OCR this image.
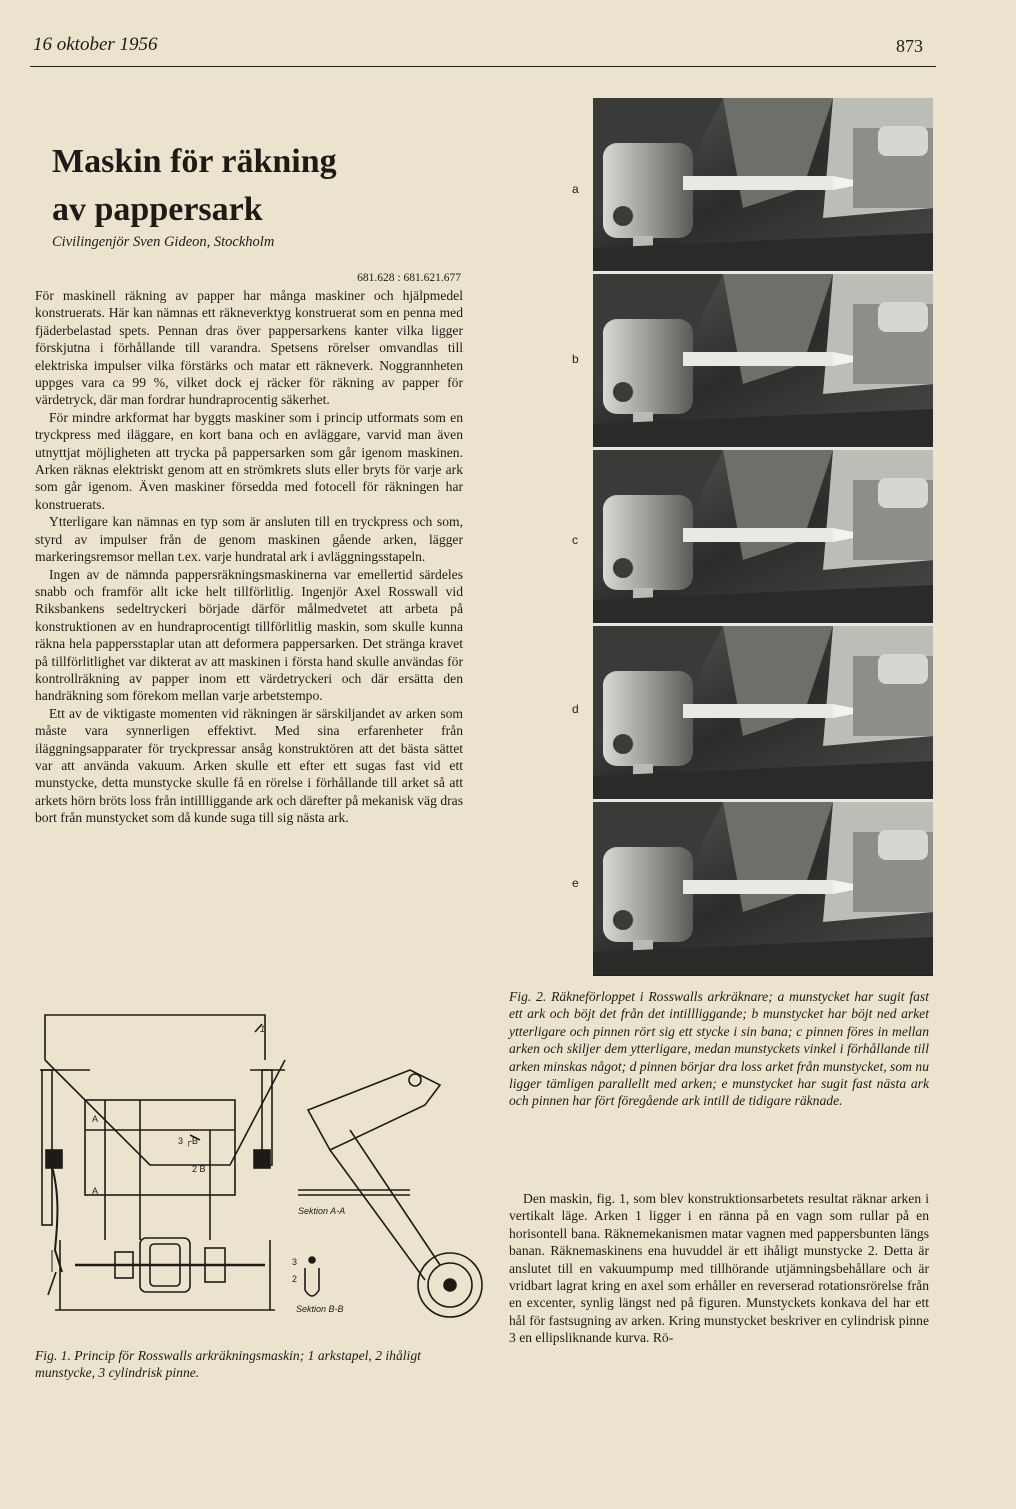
16 oktober 1956	873
Maskin för räkning
av pappersark
Civilingenjör Sven Gideon, Stockholm
681.628 : 681.621.677

För maskinell räkning av papper har många maskiner och hjälpmedel konstruerats. Här kan nämnas ett räkneverktyg konstruerat som en penna med fjäderbelastad spets. Pennan dras över pappersarkens kanter vilka ligger förskjutna i förhållande till varandra. Spetsens rörelser omvandlas till elektriska impulser vilka förstärks och matar ett räkneverk. Noggrannheten uppges vara ca 99 %, vilket dock ej räcker för räkning av papper för värdetryck, där man fordrar hundraprocentig säkerhet.

För mindre arkformat har byggts maskiner som i princip utformats som en tryckpress med iläggare, en kort bana och en avläggare, varvid man även utnyttjat möjligheten att trycka på pappersarken som går igenom maskinen. Arken räknas elektriskt genom att en strömkrets sluts eller bryts för varje ark som går igenom. Även maskiner försedda med fotocell för räkningen har konstruerats.

Ytterligare kan nämnas en typ som är ansluten till en tryckpress och som, styrd av impulser från de genom maskinen gående arken, lägger markeringsremsor mellan t.ex. varje hundratal ark i avläggningsstapeln.

Ingen av de nämnda pappersräkningsmaskinerna var emellertid särdeles snabb och framför allt icke helt tillförlitlig. Ingenjör Axel Rosswall vid Riksbankens sedeltryckeri började därför målmedvetet att arbeta på konstruktionen av en hundraprocentigt tillförlitlig maskin, som skulle kunna räkna hela pappersstaplar utan att deformera pappersarken. Det stränga kravet på tillförlitlighet var dikterat av att maskinen i första hand skulle användas för kontrollräkning av papper inom ett värdetryckeri och där ersätta den handräkning som förekom mellan varje arbetstempo.

Ett av de viktigaste momenten vid räkningen är särskiljandet av arken som måste vara synnerligen effektivt. Med sina erfarenheter från iläggningsapparater för tryckpressar ansåg konstruktören att det bästa sättet var att använda vakuum. Arken skulle ett efter ett sugas fast vid ett munstycke, detta munstycke skulle få en rörelse i förhållande till arket så att arkets hörn bröts loss från intillliggande ark och därefter på mekanisk väg dras bort från munstycket som då kunde suga till sig nästa ark.

a
b
c
d
e
Fig. 2. Räkneförloppet i Rosswalls arkräknare; a munstycket har sugit fast ett ark och böjt det från det intillliggande; b munstycket har böjt ned arket ytterligare och pinnen rört sig ett stycke i sin bana; c pinnen föres in mellan arken och skiljer dem ytterligare, medan munstyckets vinkel i förhållande till arken minskas något; d pinnen börjar dra loss arket från munstycket, som nu ligger tämligen parallellt med arken; e munstycket har sugit fast nästa ark och pinnen har fört föregående ark intill de tidigare räknade.
1
A
3 ┌B
2 B
A
Sektion A-A
3
2
Sektion B-B
Fig. 1. Princip för Rosswalls arkräkningsmaskin; 1 arkstapel, 2 ihåligt munstycke, 3 cylindrisk pinne.

Den maskin, fig. 1, som blev konstruktionsarbetets resultat räknar arken i vertikalt läge. Arken 1 ligger i en ränna på en vagn som rullar på en horisontell bana. Räknemekanismen matar vagnen med pappersbunten längs banan. Räknemaskinens ena huvuddel är ett ihåligt munstycke 2. Detta är anslutet till en vakuumpump med tillhörande utjämningsbehållare och är vridbart lagrat kring en axel som erhåller en reverserad rotationsrörelse från en excenter, synlig längst ned på figuren. Munstyckets konkava del har ett hål för fastsugning av arken. Kring munstycket beskriver en cylindrisk pinne 3 en ellipsliknande kurva. Rö-
